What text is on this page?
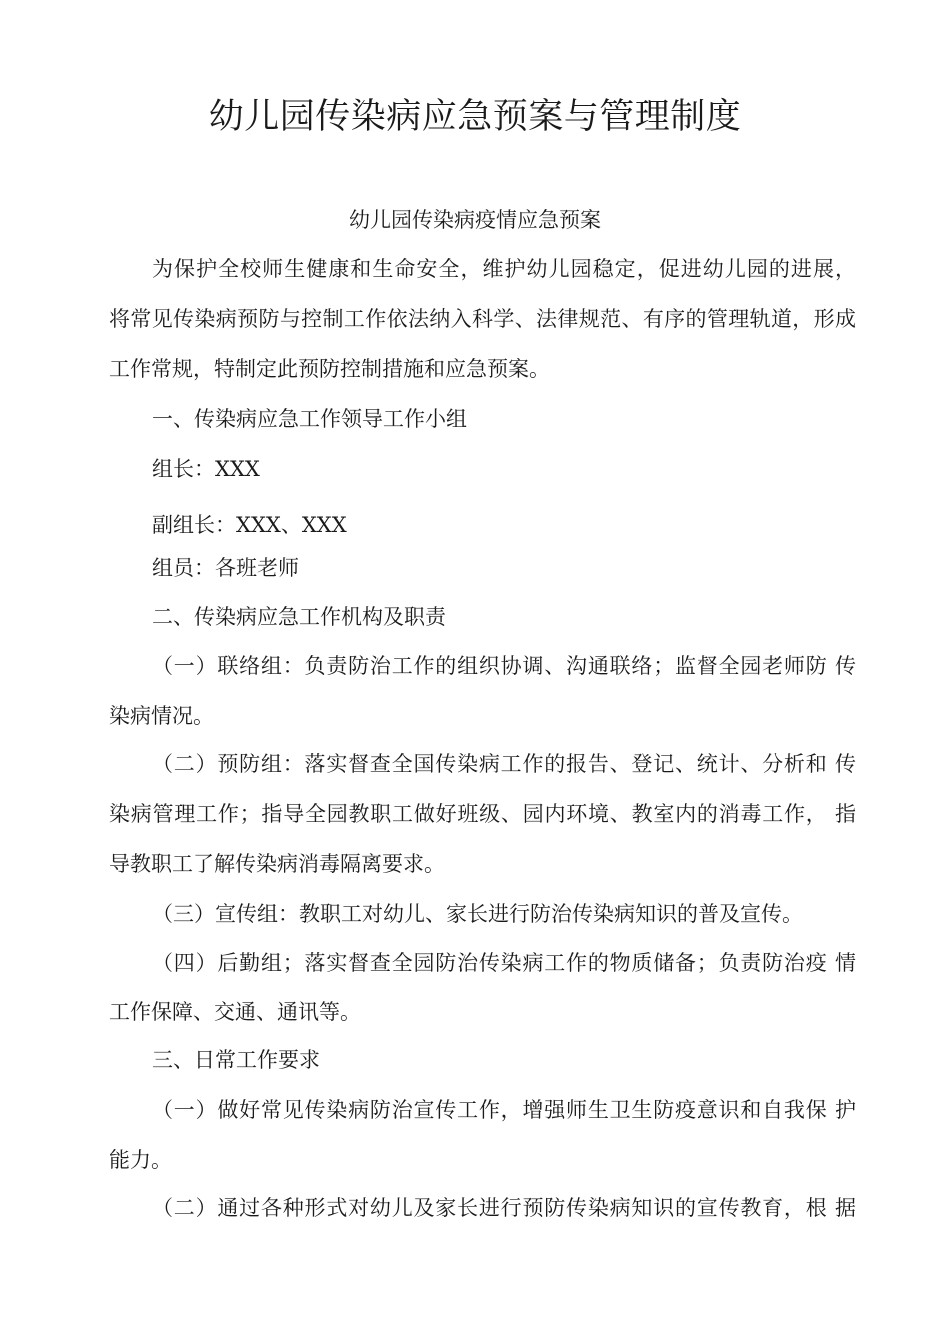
幼儿园传染病应急预案与管理制度
幼儿园传染病疫情应急预案
为保护全校师生健康和生命安全，维护幼儿园稳定，促进幼儿园的进展，
将常见传染病预防与控制工作依法纳入科学、法律规范、有序的管理轨道，形成
工作常规，特制定此预防控制措施和应急预案。
一、传染病应急工作领导工作小组
组长：XXX
副组长：XXX、XXX
组员：各班老师
二、传染病应急工作机构及职责
（一）联络组：负责防治工作的组织协调、沟通联络；监督全园老师防 传
染病情况。
（二）预防组：落实督查全国传染病工作的报告、登记、统计、分析和 传
染病管理工作；指导全园教职工做好班级、园内环境、教室内的消毒工作， 指
导教职工了解传染病消毒隔离要求。
（三）宣传组：教职工对幼儿、家长进行防治传染病知识的普及宣传。
（四）后勤组；落实督查全园防治传染病工作的物质储备；负责防治疫 情
工作保障、交通、通讯等。
三、日常工作要求
（一）做好常见传染病防治宣传工作，增强师生卫生防疫意识和自我保 护
能力。
（二）通过各种形式对幼儿及家长进行预防传染病知识的宣传教育，根 据
